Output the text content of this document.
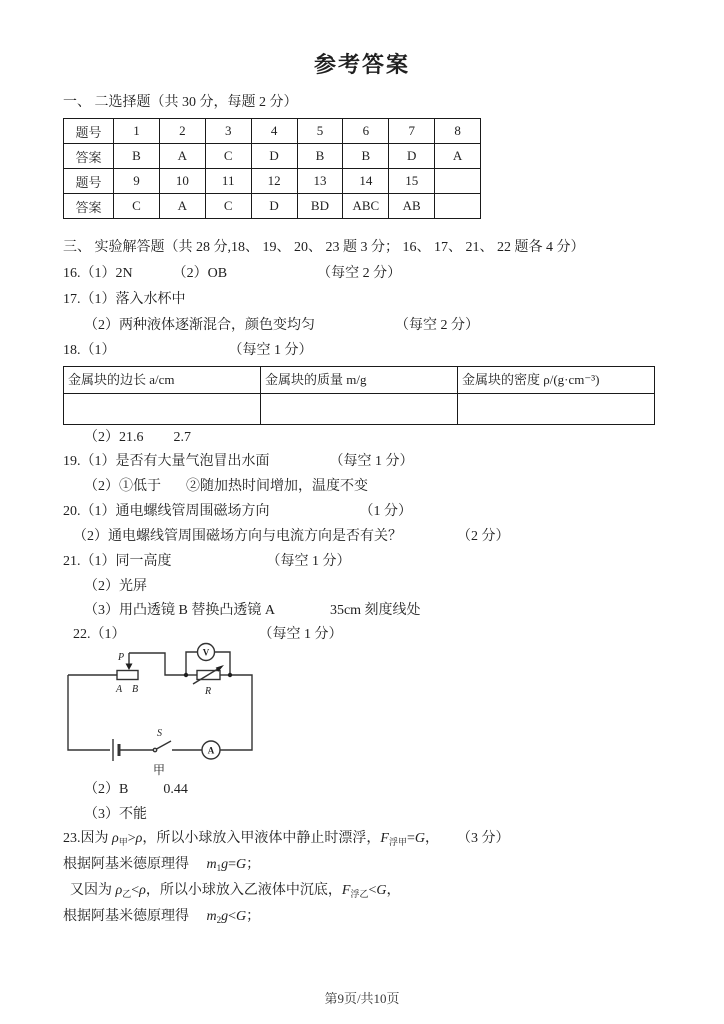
参考答案
一、 二选择题（共 30 分，每题 2 分）
题号	1	2	3	4	5	6	7	8
答案	B	A	C	D	B	B	D	A
题号	9	10	11	12	13	14	15	
答案	C	A	C	D	BD	ABC	AB	
三、 实验解答题（共 28 分,18、 19、 20、 23 题 3 分； 16、 17、 21、 22 题各 4 分）
16.（1）2N	（2）OB	（每空 2 分）
17.（1）落入水杯中
（2）两种液体逐渐混合，颜色变均匀	（每空 2 分）
18.（1）	（每空 1 分）
金属块的边长 a/cm	金属块的质量 m/g	金属块的密度 ρ/(g·cm⁻³)

（2）21.6 2.7
19.（1）是否有大量气泡冒出水面	（每空 1 分）
（2）①低于 ②随加热时间增加，温度不变
20.（1）通电螺线管周围磁场方向	（1 分）
（2）通电螺线管周围磁场方向与电流方向是否有关？	（2 分）
21.（1）同一高度	（每空 1 分）
（2）光屏
（3）用凸透镜 B 替换凸透镜 A	35cm 刻度线处
22.（1）	（每空 1 分）
P
A B	R
V
S
A
甲
（2）B	0.44
（3）不能
23.因为 $\rho_甲>\rho$，所以小球放入甲液体中静止时漂浮，$F_{浮甲}=G$， （3 分）
根据阿基米德原理得　 $m_1g=G$；
又因为 $\rho_乙<\rho$，所以小球放入乙液体中沉底，$F_{浮乙}<G$，
根据阿基米德原理得　 $m_2g<G$；
第9页/共10页
